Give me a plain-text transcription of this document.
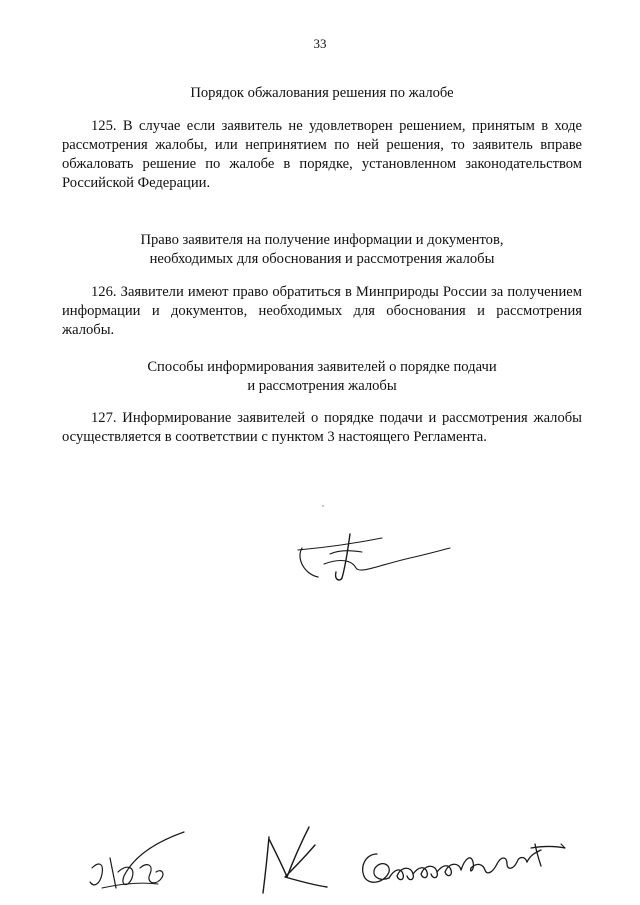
33
Порядок обжалования решения по жалобе

125. В случае если заявитель не удовлетворен решением, принятым в ходе рассмотрения жалобы, или непринятием по ней решения, то заявитель вправе обжаловать решение по жалобе в порядке, установленном законодательством Российской Федерации.

Право заявителя на получение информации и документов,
необходимых для обоснования и рассмотрения жалобы

126. Заявители имеют право обратиться в Минприроды России за получением информации и документов, необходимых для обоснования и рассмотрения жалобы.

Способы информирования заявителей о порядке подачи
и рассмотрения жалобы

127. Информирование заявителей о порядке подачи и рассмотрения жалобы осуществляется в соответствии с пунктом 3 настоящего Регламента.
